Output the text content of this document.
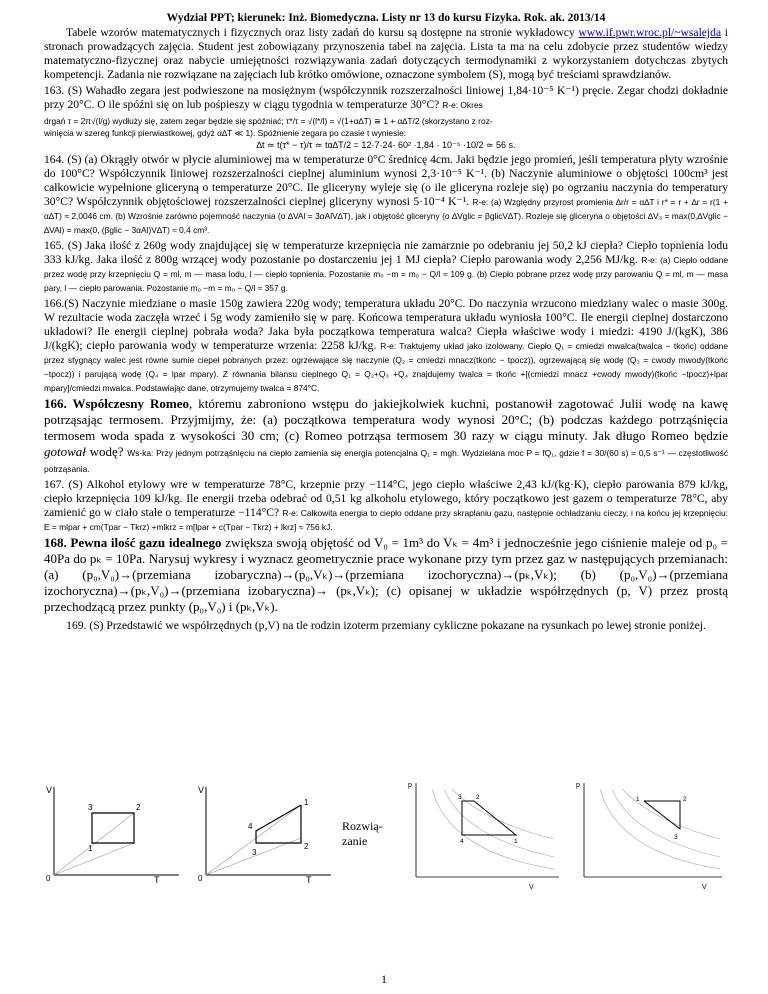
Wydział PPT; kierunek: Inż. Biomedyczna. Listy nr 13 do kursu Fizyka. Rok. ak. 2013/14

Tabele wzorów matematycznych i fizycznych oraz listy zadań do kursu są dostępne na stronie wykładowcy www.if.pwr.wroc.pl/~wsalejda i stronach prowadzących zajęcia. Student jest zobowiązany przynoszenia tabel na zajęcia. Lista ta ma na celu zdobycie przez studentów wiedzy matematyczno-fizycznej oraz nabycie umiejętności rozwiązywania zadań dotyczących termodynamiki z wykorzystaniem dotychczas zbytych kompetencji. Zadania nie rozwiązane na zajęciach lub krótko omówione, oznaczone symbolem (S), mogą być treściami sprawdzianów.

163. (S) Wahadło zegara jest podwieszone na mosiężnym (współczynnik rozszerzalności liniowej 1,84·10⁻⁵ K⁻¹) pręcie. Zegar chodzi dokładnie przy 20°C. O ile spóźni się on lub pośpieszy w ciągu tygodnia w temperaturze 30°C? R-e: Okres

drgań τ = 2π√(l/g) wydłuży się, zatem zegar będzie się spóźniać; τ*/τ = √(l*/l) = √(1+α∆T) ≅ 1 + α∆T/2 (skorzystano z roz-
winięcia w szereg funkcji pierwiastkowej, gdyż α∆T ≪ 1). Spóźnienie zegara po czasie t wyniesie:

∆t ≃ t(τ* − τ)/τ ≃ tα∆T/2 = 12·7·24· 60² ·1,84 · 10⁻⁵ ·10/2 ≃ 56 s.

164. (S) (a) Okrągły otwór w płycie aluminiowej ma w temperaturze 0°C średnicę 4cm. Jaki będzie jego promień, jeśli temperatura płyty wzrośnie do 100°C? Współczynnik liniowej rozszerzalności cieplnej aluminium wynosi 2,3·10⁻⁵ K⁻¹. (b) Naczynie aluminiowe o objętości 100cm³ jest całkowicie wypełnione gliceryną o temperaturze 20°C. Ile gliceryny wyleje się (o ile gliceryna rozleje się) po ogrzaniu naczynia do temperatury 30°C? Współczynnik objętościowej rozszerzalności cieplnej gliceryny wynosi 5·10⁻⁴ K⁻¹. R-e: (a) Względny przyrost promienia ∆r/r = α∆T i r* = r + ∆r = r(1 + α∆T) ≈ 2,0046 cm. (b) Wzrośnie zarówno pojemność naczynia (o ∆VAl = 3αAlV∆T), jak i objętość gliceryny (o ∆Vglic = βglicV∆T). Rozleje się gliceryna o objętości ∆V₃ = max(0,∆Vglic − ∆VAl) = max(0, (βglic − 3αAl)V∆T) ≈ 0,4 cm³.

165. (S) Jaka ilość z 260g wody znajdującej się w temperaturze krzepnięcia nie zamarznie po odebraniu jej 50,2 kJ ciepła? Ciepło topnienia lodu 333 kJ/kg. Jaka ilość z 800g wrzącej wody pozostanie po dostarczeniu jej 1 MJ ciepła? Ciepło parowania wody 2,256 MJ/kg. R-e: (a) Ciepło oddane przez wodę przy krzepnięciu Q = ml, m — masa lodu, l — ciepło topnienia. Pozostanie m₀ −m = m₀ − Q/l ≈ 109 g. (b) Ciepło pobrane przez wodę przy parowaniu Q = ml, m — masa pary, l — ciepło parowania. Pozostanie m₀ −m = m₀ − Q/l ≈ 357 g.

166.(S) Naczynie miedziane o masie 150g zawiera 220g wody; temperatura układu 20°C. Do naczynia wrzucono miedziany walec o masie 300g. W rezultacie woda zaczęła wrzeć i 5g wody zamieniło się w parę. Końcowa temperatura układu wyniosła 100°C. Ile energii cieplnej dostarczono układowi? Ile energii cieplnej pobrała woda? Jaka była początkowa temperatura walca? Ciepła właściwe wody i miedzi: 4190 J/(kgK), 386 J/(kgK); ciepło parowania wody w temperaturze wrzenia: 2258 kJ/kg. R-e: Traktujemy układ jako izolowany. Ciepło Q₁ = cmiedzi mwalca(twalca − tkońc) oddane przez stygnący walec jest równe sumie ciepeł pobranych przez: ogrzewające się naczynie (Q₂ = cmiedzi mnacz(tkońc − tpocz)), ogrzewającą się wodę (Q₃ = cwody mwody(tkońc −tpocz)) i parującą wodę (Q₄ = lpar mpary). Z równania bilansu cieplnego Q₁ = Q₂+Q₃ +Q₄ znajdujemy twalca = tkońc +[(cmiedzi mnacz +cwody mwody)(tkońc −tpocz)+lpar mpary]/cmiedzi mwalca. Podstawiając dane, otrzymujemy twalca = 874°C.

166. Współczesny Romeo, któremu zabroniono wstępu do jakiejkolwiek kuchni, postanowił zagotować Julii wodę na kawę potrząsając termosem. Przyjmijmy, że: (a) początkowa temperatura wody wynosi 20°C; (b) podczas każdego potrząśnięcia termosem woda spada z wysokości 30 cm; (c) Romeo potrząsa termosem 30 razy w ciągu minuty. Jak długo Romeo będzie gotował wodę? Ws-ka: Przy jednym potrząśnięciu na ciepło zamienia się energia potencjalna Q₁ = mgh. Wydzielana moc P = fQ₁, gdzie f = 30/(60 s) = 0,5 s⁻¹ — częstotliwość potrząsania.

167. (S) Alkohol etylowy wre w temperaturze 78°C, krzepnie przy −114°C, jego ciepło właściwe 2,43 kJ/(kg·K), ciepło parowania 879 kJ/kg, ciepło krzepnięcia 109 kJ/kg. Ile energii trzeba odebrać od 0,51 kg alkoholu etylowego, który początkowo jest gazem o temperaturze 78°C, aby zamienić go w ciało stałe o temperaturze −114°C? R-e: Całkowita energia to ciepło oddane przy skraplaniu gazu, następnie ochładzaniu cieczy, i na końcu jej krzepnięciu: E = mlpar + cm(Tpar − Tkrz) +mlkrz = m[lpar + c(Tpar − Tkrz) + lkrz] ≈ 756 kJ.

168. Pewna ilość gazu idealnego zwiększa swoją objętość od V₀ = 1m³ do Vₖ = 4m³ i jednocześnie jego ciśnienie maleje od p₀ = 40Pa do pₖ = 10Pa. Narysuj wykresy i wyznacz geometrycznie prace wykonane przy tym przez gaz w następujących przemianach: (a) (p₀,V₀)→(przemiana izobaryczna)→(p₀,Vₖ)→(przemiana izochoryczna)→(pₖ,Vₖ); (b) (p₀,V₀)→(przemiana izochoryczna)→(pₖ,V₀)→(przemiana izobaryczna)→ (pₖ,Vₖ); (c) opisanej w układzie współrzędnych (p, V) przez prostą przechodzącą przez punkty (p₀,V₀) i (pₖ,Vₖ).

169. (S) Przedstawić we współrzędnych (p,V) na tle rodzin izoterm przemiany cykliczne pokazane na rysunkach po lewej stronie poniżej.

V
T
0
3	2
1
V
T
0
1
4
2
3
Rozwią-
zanie
p
V
3 2
4	1
p
V
1	2
3
1
